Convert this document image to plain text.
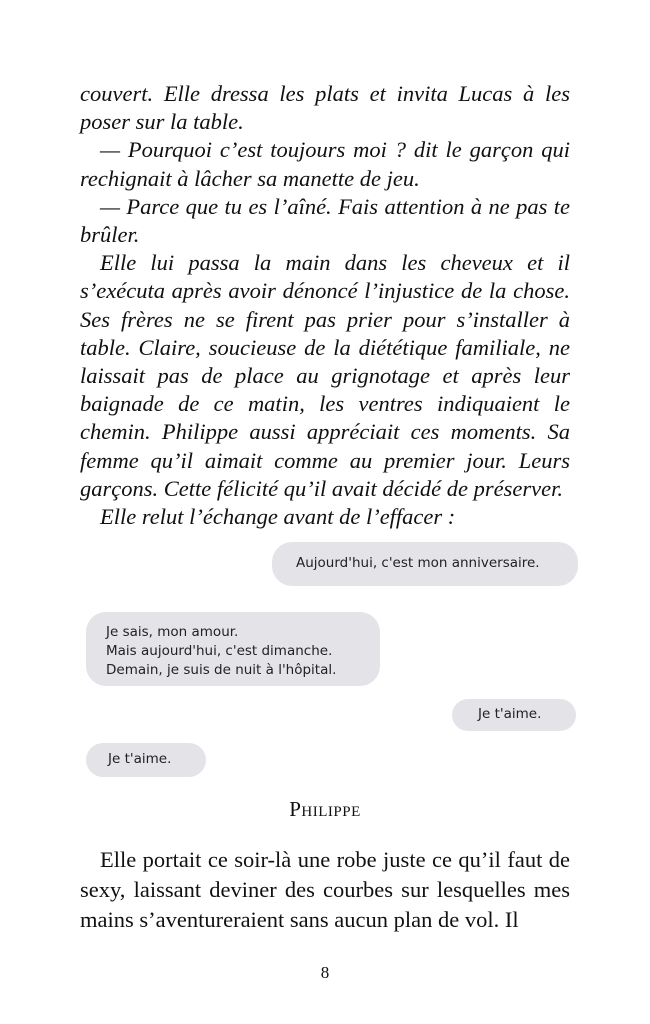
couvert. Elle dressa les plats et invita Lucas à les poser sur la table.

— Pourquoi c’est toujours moi ? dit le garçon qui rechignait à lâcher sa manette de jeu.

— Parce que tu es l’aîné. Fais attention à ne pas te brûler.

Elle lui passa la main dans les cheveux et il s’exécuta après avoir dénoncé l’injustice de la chose. Ses frères ne se firent pas prier pour s’installer à table. Claire, soucieuse de la diététique familiale, ne laissait pas de place au grignotage et après leur baignade de ce matin, les ventres indiquaient le chemin. Philippe aussi appréciait ces moments. Sa femme qu’il aimait comme au premier jour. Leurs garçons. Cette félicité qu’il avait décidé de préserver.

Elle relut l’échange avant de l’effacer :

Aujourd'hui, c'est mon anniversaire.
Je sais, mon amour.
Mais aujourd'hui, c'est dimanche.
Demain, je suis de nuit à l'hôpital.
Je t'aime.
Je t'aime.
Philippe

Elle portait ce soir-là une robe juste ce qu’il faut de sexy, laissant deviner des courbes sur lesquelles mes mains s’aventureraient sans aucun plan de vol. Il

8
